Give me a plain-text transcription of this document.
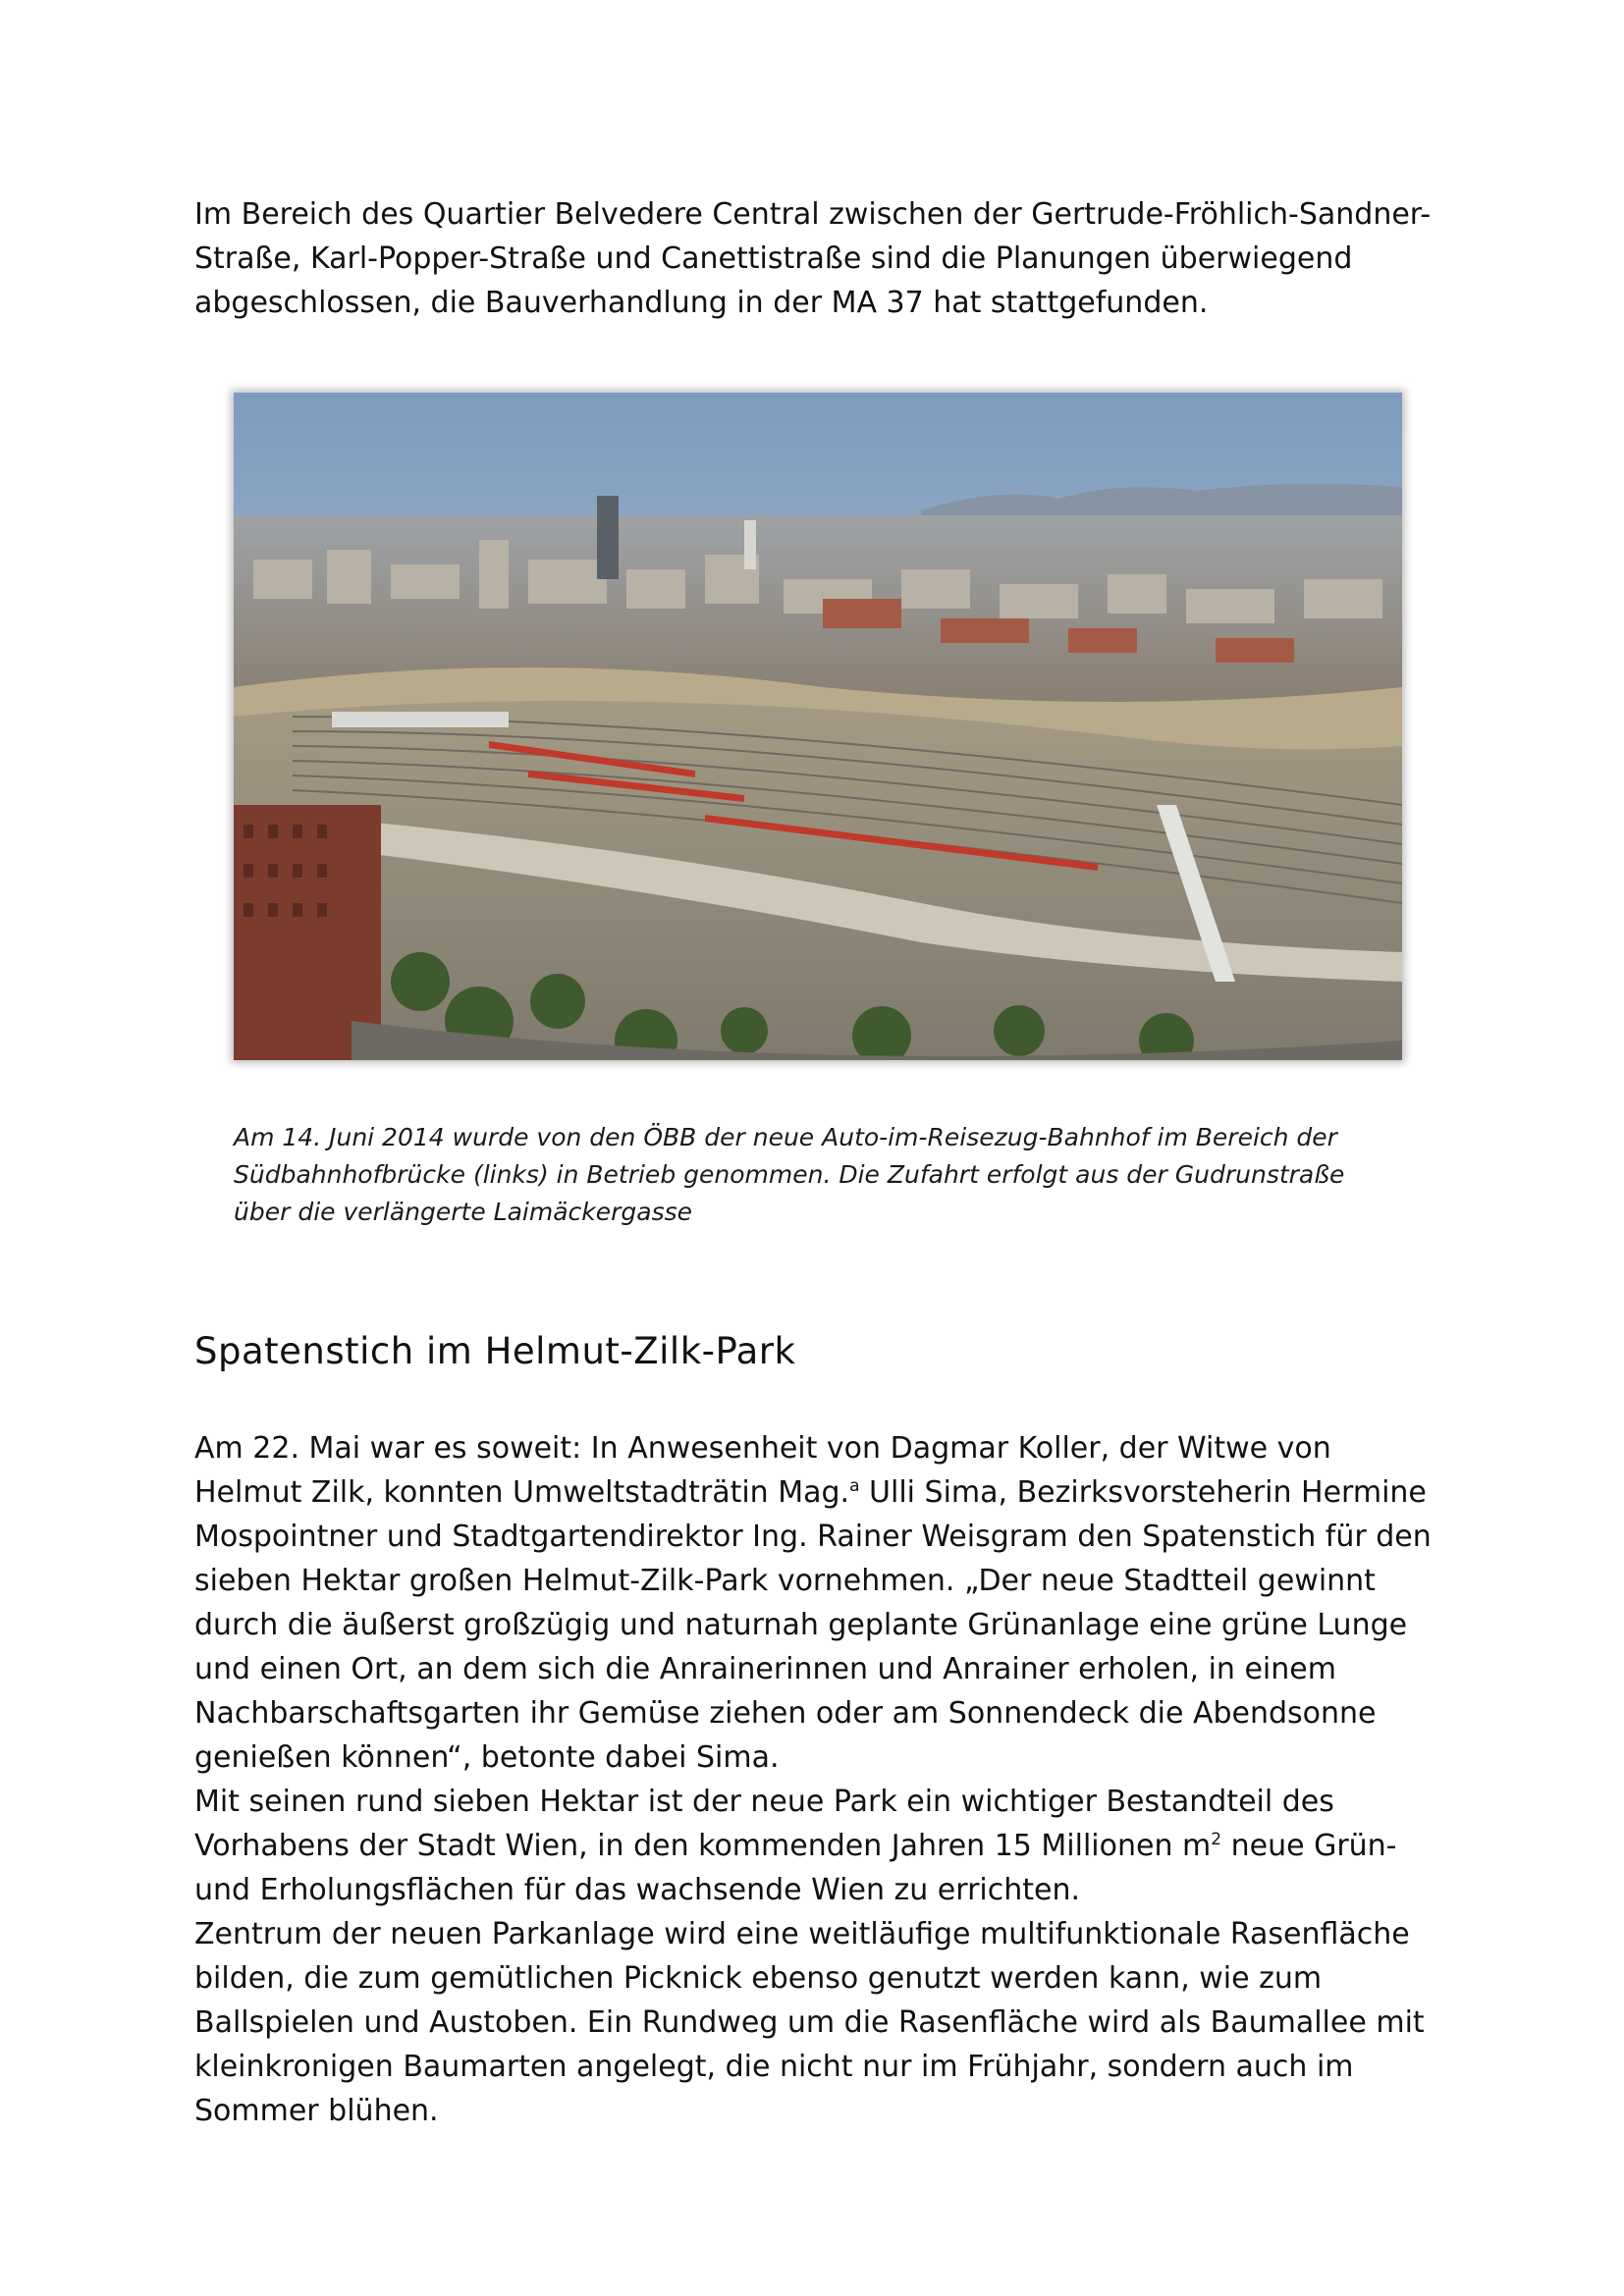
Im Bereich des Quartier Belvedere Central zwischen der Gertrude-Fröhlich-Sandner-Straße, Karl-Popper-Straße und Canettistraße sind die Planungen überwiegend abgeschlossen, die Bauverhandlung in der MA 37 hat stattgefunden.

Am 14. Juni 2014 wurde von den ÖBB der neue Auto-im-Reisezug-Bahnhof im Bereich der Südbahnhofbrücke (links) in Betrieb genommen. Die Zufahrt erfolgt aus der Gudrunstraße über die verlängerte Laimäckergasse
Spatenstich im Helmut-Zilk-Park
Am 22. Mai war es soweit: In Anwesenheit von Dagmar Koller, der Witwe von Helmut Zilk, konnten Umweltstadträtin Mag.$^a$ Ulli Sima, Bezirksvorsteherin Hermine Mospointner und Stadtgartendirektor Ing. Rainer Weisgram den Spatenstich für den sieben Hektar großen Helmut-Zilk-Park vornehmen. „Der neue Stadtteil gewinnt durch die äußerst großzügig und naturnah geplante Grünanlage eine grüne Lunge und einen Ort, an dem sich die Anrainerinnen und Anrainer erholen, in einem Nachbarschaftsgarten ihr Gemüse ziehen oder am Sonnendeck die Abendsonne genießen können“, betonte dabei Sima.
Mit seinen rund sieben Hektar ist der neue Park ein wichtiger Bestandteil des Vorhabens der Stadt Wien, in den kommenden Jahren 15 Millionen $m^2$ neue Grün- und Erholungsflächen für das wachsende Wien zu errichten.
Zentrum der neuen Parkanlage wird eine weitläufige multifunktionale Rasenfläche bilden, die zum gemütlichen Picknick ebenso genutzt werden kann, wie zum Ballspielen und Austoben. Ein Rundweg um die Rasenfläche wird als Baumallee mit kleinkronigen Baumarten angelegt, die nicht nur im Frühjahr, sondern auch im Sommer blühen.
